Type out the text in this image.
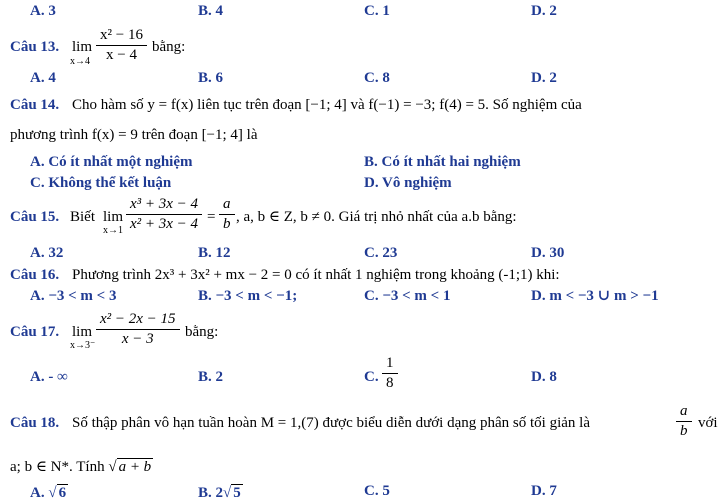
A. 3	B. 4	C. 1	D. 2
Câu 13. lim
$x\to 4 \frac{\text{x² − 16}}{x - 4}$ bằng:
A. 4	B. 6	C. 8	D. 2
Câu 14. Cho hàm số y = f(x) liên tục trên đoạn [−1; 4] và f(−1) = −3; f(4) = 5. Số nghiệm của
phương trình f(x) = 9 trên đoạn [−1; 4] là
A. Có ít nhất một nghiệm	B. Có ít nhất hai nghiệm
C. Không thể kết luận	D. Vô nghiệm
Câu 15. Biết lim
$x\to 1 \frac{\text{x³ + 3x − 4}}{\text{x² + 3x − 4}} = \frac{a}{b}$ , a, b ∈ Z, b ≠ 0. Giá trị nhỏ nhất của a.b bằng:
A. 32	B. 12	C. 23	D. 30
Câu 16. Phương trình 2x³ + 3x² + mx − 2 = 0 có ít nhất 1 nghiệm trong khoảng (-1;1) khi:
A. −3 < m < 3	B. −3 < m < −1;	C. −3 < m < 1	D. m < −3 ∪ m > −1
Câu 17. lim
$x\to 3^- \frac{\text{x² − 2x − 15}}{x - 3}$ bằng:
A. - ∞	B. 2	C. $\frac{1}{8}$	D. 8
Câu 18. Số thập phân vô hạn tuần hoàn M = 1,(7) được biểu diễn dưới dạng phân số tối giản là	$\frac{a}{b}$ với
a; b ∈ N*. Tính √ a + b
A. √ 6	B. 2√ 5	C. 5	D. 7
